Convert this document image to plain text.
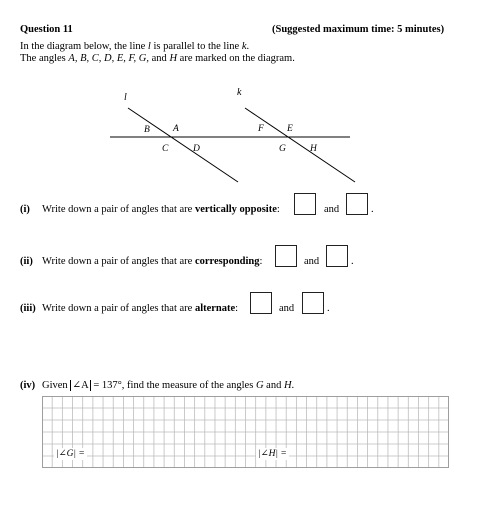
Question 11	(Suggested maximum time: 5 minutes)
In the diagram below, the line l is parallel to the line k.
The angles A, B, C, D, E, F, G, and H are marked on the diagram.
l	k
B A
C	D
F E
G	H
(i) Write down a pair of angles that are vertically opposite:	and	.
(ii) Write down a pair of angles that are corresponding:	and	.
(iii) Write down a pair of angles that are alternate:	and	.
(iv) Given ∠A = 137°, find the measure of the angles G and H.
|∠G| =	|∠H| =
